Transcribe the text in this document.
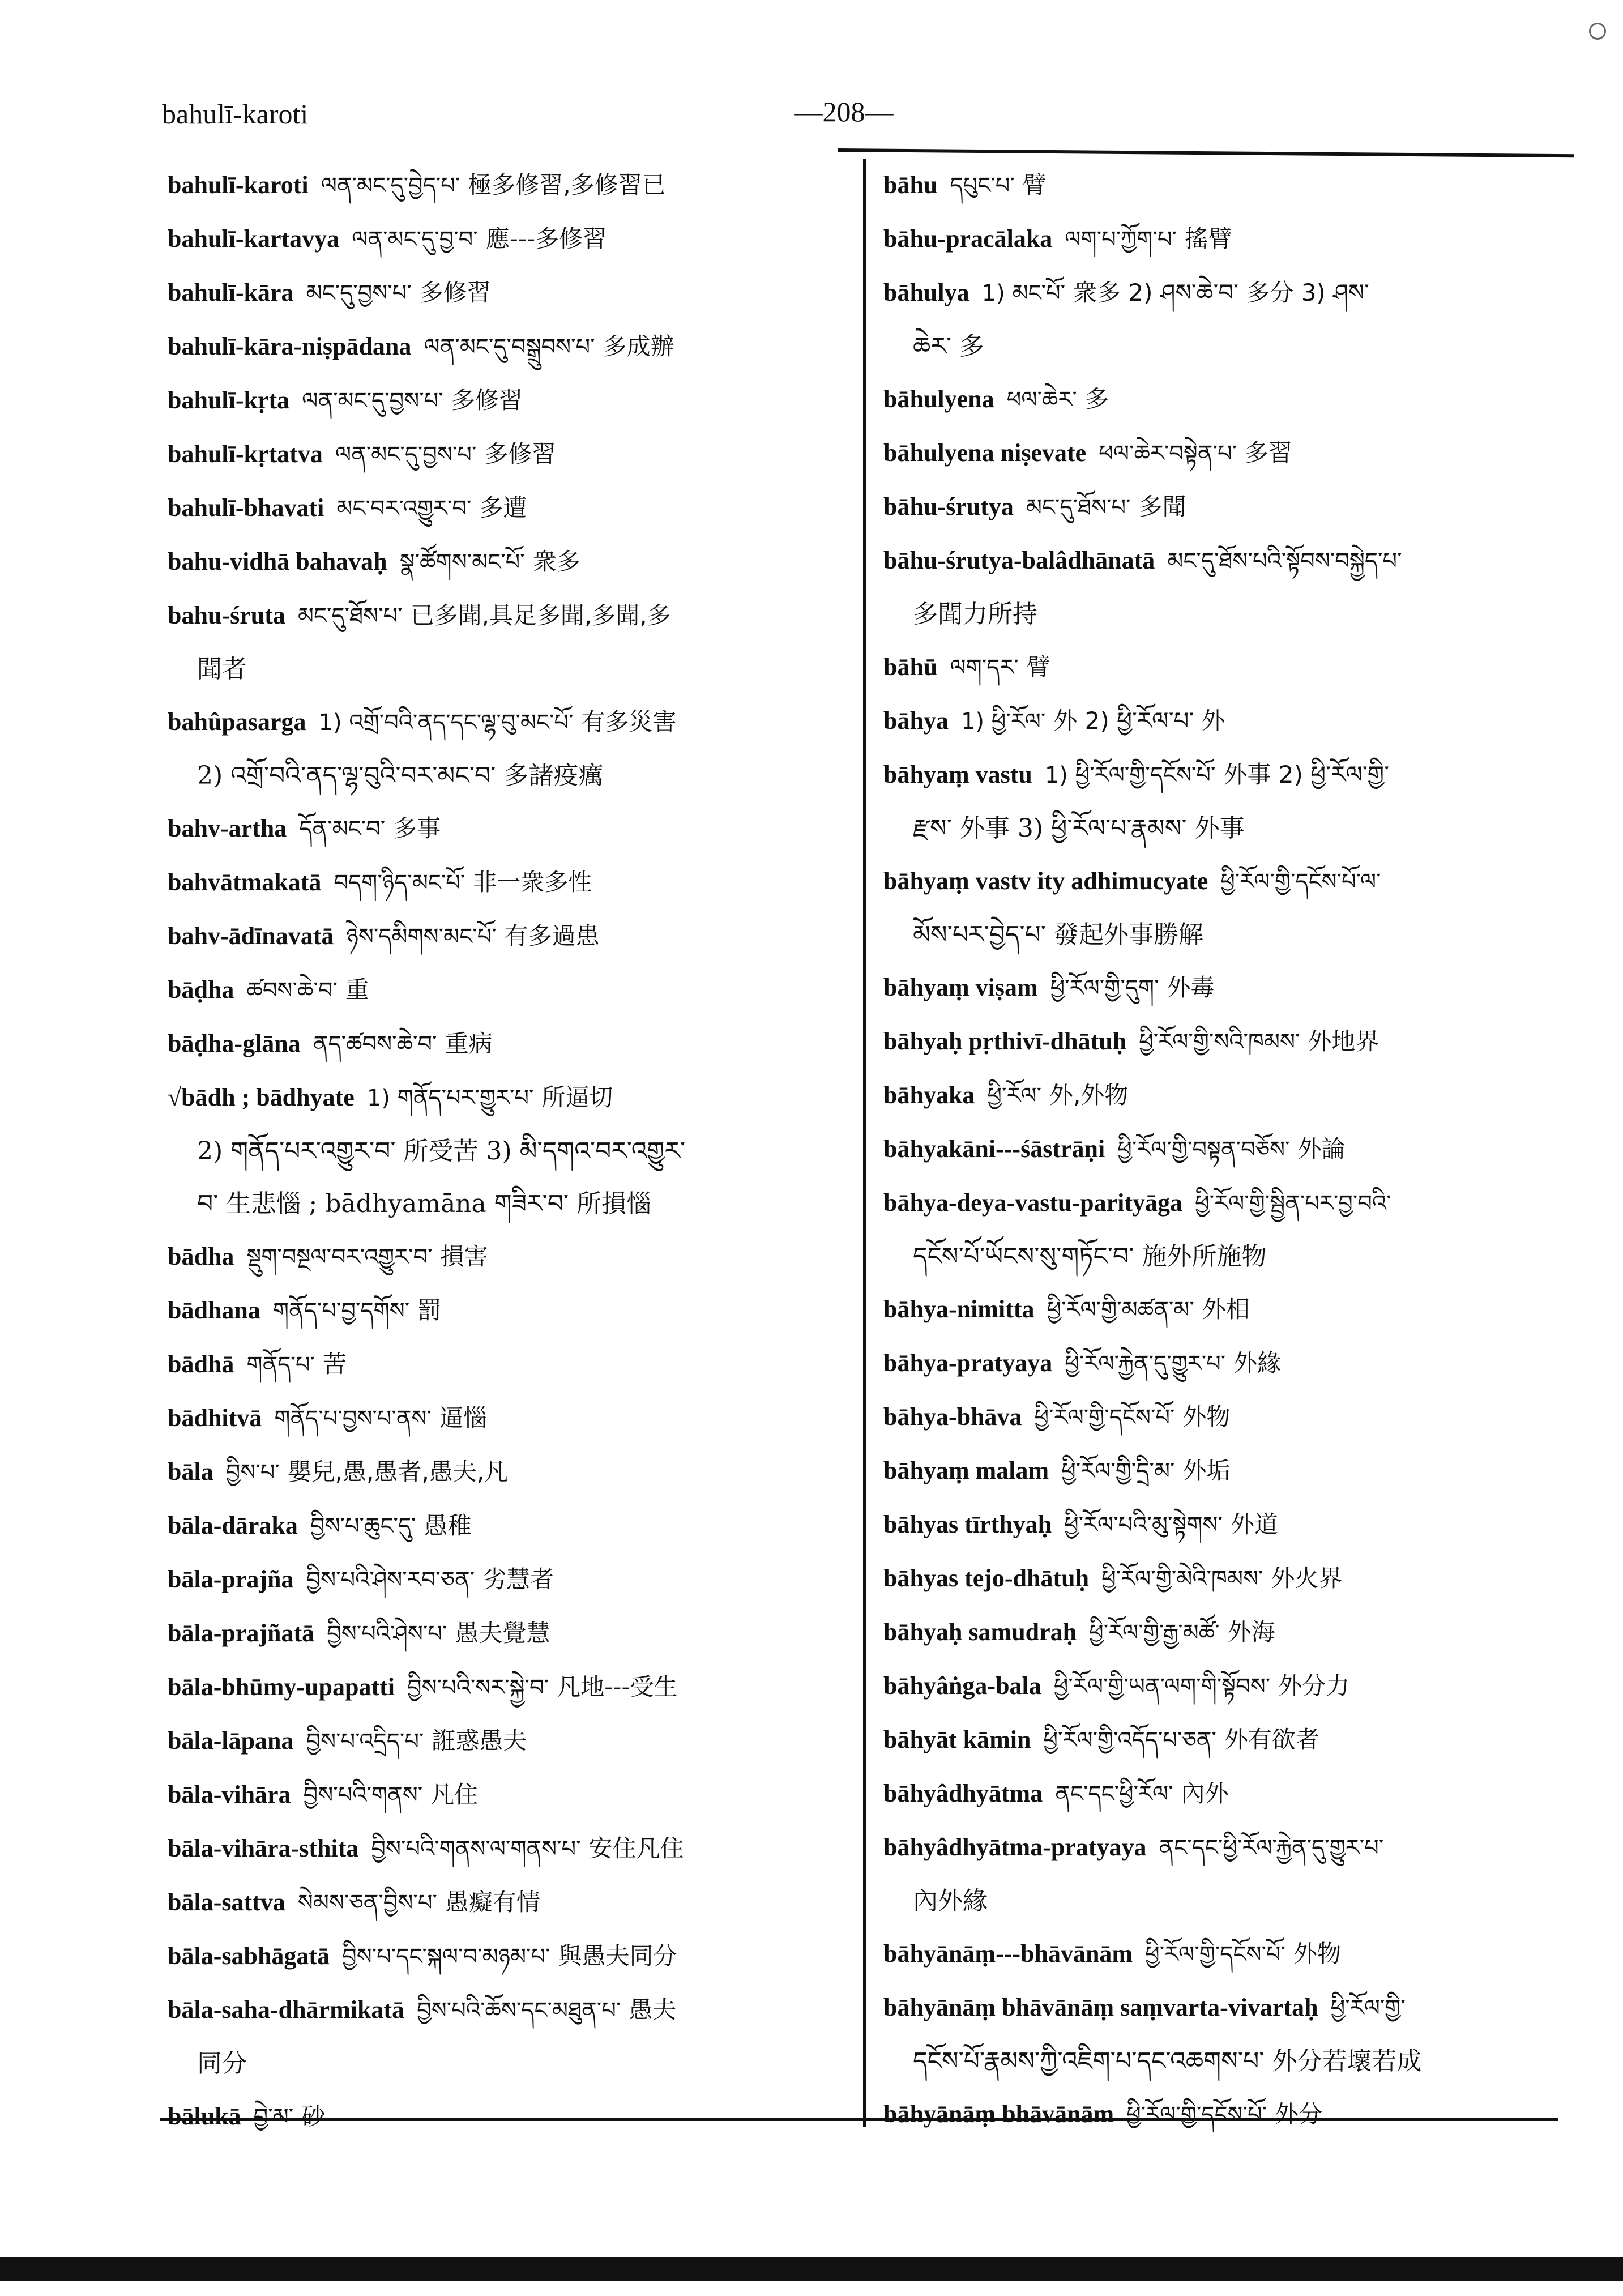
bahulī-karoti	—208—
bahulī-karoti ལན་མང་དུ་བྱེད་པ་ 極多修習,多修習已
bahulī-kartavya ལན་མང་དུ་བྱ་བ་ 應---多修習
bahulī-kāra མང་དུ་བྱས་པ་ 多修習
bahulī-kāra-niṣpādana ལན་མང་དུ་བསྒྲུབས་པ་ 多成辦
bahulī-kṛta ལན་མང་དུ་བྱས་པ་ 多修習
bahulī-kṛtatva ལན་མང་དུ་བྱས་པ་ 多修習
bahulī-bhavati མང་བར་འགྱུར་བ་ 多遭
bahu-vidhā bahavaḥ སྣ་ཚོགས་མང་པོ་ 衆多
bahu-śruta མང་དུ་ཐོས་པ་ 已多聞,具足多聞,多聞,多
聞者
bahûpasarga 1) འགྲོ་བའི་ནད་དང་ལྷ་བུ་མང་པོ་ 有多災害
2) འགྲོ་བའི་ནད་ལྷ་བུའི་བར་མང་བ་ 多諸疫癘
bahv-artha དོན་མང་བ་ 多事
bahvātmakatā བདག་ཉིད་མང་པོ་ 非一衆多性
bahv-ādīnavatā ཉེས་དམིགས་མང་པོ་ 有多過患
bāḍha ཚབས་ཆེ་བ་ 重
bāḍha-glāna ནད་ཚབས་ཆེ་བ་ 重病
√bādh ; bādhyate 1) གནོད་པར་གྱུར་པ་ 所逼切
2) གནོད་པར་འགྱུར་བ་ 所受苦 3) མི་དགའ་བར་འགྱུར་
བ་ 生悲惱 ; bādhyamāna གཟིར་བ་ 所損惱
bādha སྡུག་བསྔལ་བར་འགྱུར་བ་ 損害
bādhana གནོད་པ་བྱ་དགོས་ 罰
bādhā གནོད་པ་ 苦
bādhitvā གནོད་པ་བྱས་པ་ནས་ 逼惱
bāla བྱིས་པ་ 嬰兒,愚,愚者,愚夫,凡
bāla-dāraka བྱིས་པ་ཆུང་དུ་ 愚稚
bāla-prajña བྱིས་པའི་ཤེས་རབ་ཅན་ 劣慧者
bāla-prajñatā བྱིས་པའི་ཤེས་པ་ 愚夫覺慧
bāla-bhūmy-upapatti བྱིས་པའི་སར་སྐྱེ་བ་ 凡地---受生
bāla-lāpana བྱིས་པ་འདྲིད་པ་ 誑惑愚夫
bāla-vihāra བྱིས་པའི་གནས་ 凡住
bāla-vihāra-sthita བྱིས་པའི་གནས་ལ་གནས་པ་ 安住凡住
bāla-sattva སེམས་ཅན་བྱིས་པ་ 愚癡有情
bāla-sabhāgatā བྱིས་པ་དང་སྐལ་བ་མཉམ་པ་ 與愚夫同分
bāla-saha-dhārmikatā བྱིས་པའི་ཆོས་དང་མཐུན་པ་ 愚夫
同分
bālukā བྱེ་མ་ 砂
bāhu དཔུང་པ་ 臂
bāhu-pracālaka ལག་པ་ཀྱོག་པ་ 搖臂
bāhulya 1) མང་པོ་ 衆多 2) ཤས་ཆེ་བ་ 多分 3) ཤས་
ཆེར་ 多
bāhulyena ཕལ་ཆེར་ 多
bāhulyena niṣevate ཕལ་ཆེར་བསྟེན་པ་ 多習
bāhu-śrutya མང་དུ་ཐོས་པ་ 多聞
bāhu-śrutya-balâdhānatā མང་དུ་ཐོས་པའི་སྟོབས་བསྐྱེད་པ་
多聞力所持
bāhū ལག་དར་ 臂
bāhya 1) ཕྱི་རོལ་ 外 2) ཕྱི་རོལ་པ་ 外
bāhyaṃ vastu 1) ཕྱི་རོལ་གྱི་དངོས་པོ་ 外事 2) ཕྱི་རོལ་གྱི་
རྫས་ 外事 3) ཕྱི་རོལ་པ་རྣམས་ 外事
bāhyaṃ vastv ity adhimucyate ཕྱི་རོལ་གྱི་དངོས་པོ་ལ་
མོས་པར་བྱེད་པ་ 發起外事勝解
bāhyaṃ viṣam ཕྱི་རོལ་གྱི་དུག་ 外毒
bāhyaḥ pṛthivī-dhātuḥ ཕྱི་རོལ་གྱི་སའི་ཁམས་ 外地界
bāhyaka ཕྱི་རོལ་ 外,外物
bāhyakāni---śāstrāṇi ཕྱི་རོལ་གྱི་བསྟན་བཅོས་ 外論
bāhya-deya-vastu-parityāga ཕྱི་རོལ་གྱི་སྦྱིན་པར་བྱ་བའི་
དངོས་པོ་ཡོངས་སུ་གཏོང་བ་ 施外所施物
bāhya-nimitta ཕྱི་རོལ་གྱི་མཚན་མ་ 外相
bāhya-pratyaya ཕྱི་རོལ་རྐྱེན་དུ་གྱུར་པ་ 外緣
bāhya-bhāva ཕྱི་རོལ་གྱི་དངོས་པོ་ 外物
bāhyaṃ malam ཕྱི་རོལ་གྱི་དྲི་མ་ 外垢
bāhyas tīrthyaḥ ཕྱི་རོལ་པའི་མུ་སྟེགས་ 外道
bāhyas tejo-dhātuḥ ཕྱི་རོལ་གྱི་མེའི་ཁམས་ 外火界
bāhyaḥ samudraḥ ཕྱི་རོལ་གྱི་རྒྱ་མཚོ་ 外海
bāhyâṅga-bala ཕྱི་རོལ་གྱི་ཡན་ལག་གི་སྟོབས་ 外分力
bāhyāt kāmin ཕྱི་རོལ་གྱི་འདོད་པ་ཅན་ 外有欲者
bāhyâdhyātma ནང་དང་ཕྱི་རོལ་ 內外
bāhyâdhyātma-pratyaya ནང་དང་ཕྱི་རོལ་རྐྱེན་དུ་གྱུར་པ་
內外緣
bāhyānāṃ---bhāvānām ཕྱི་རོལ་གྱི་དངོས་པོ་ 外物
bāhyānāṃ bhāvānāṃ saṃvarta-vivartaḥ ཕྱི་རོལ་གྱི་
དངོས་པོ་རྣམས་ཀྱི་འཇིག་པ་དང་འཆགས་པ་ 外分若壞若成
bāhyānāṃ bhāvānām ཕྱི་རོལ་གྱི་དངོས་པོ་ 外分
